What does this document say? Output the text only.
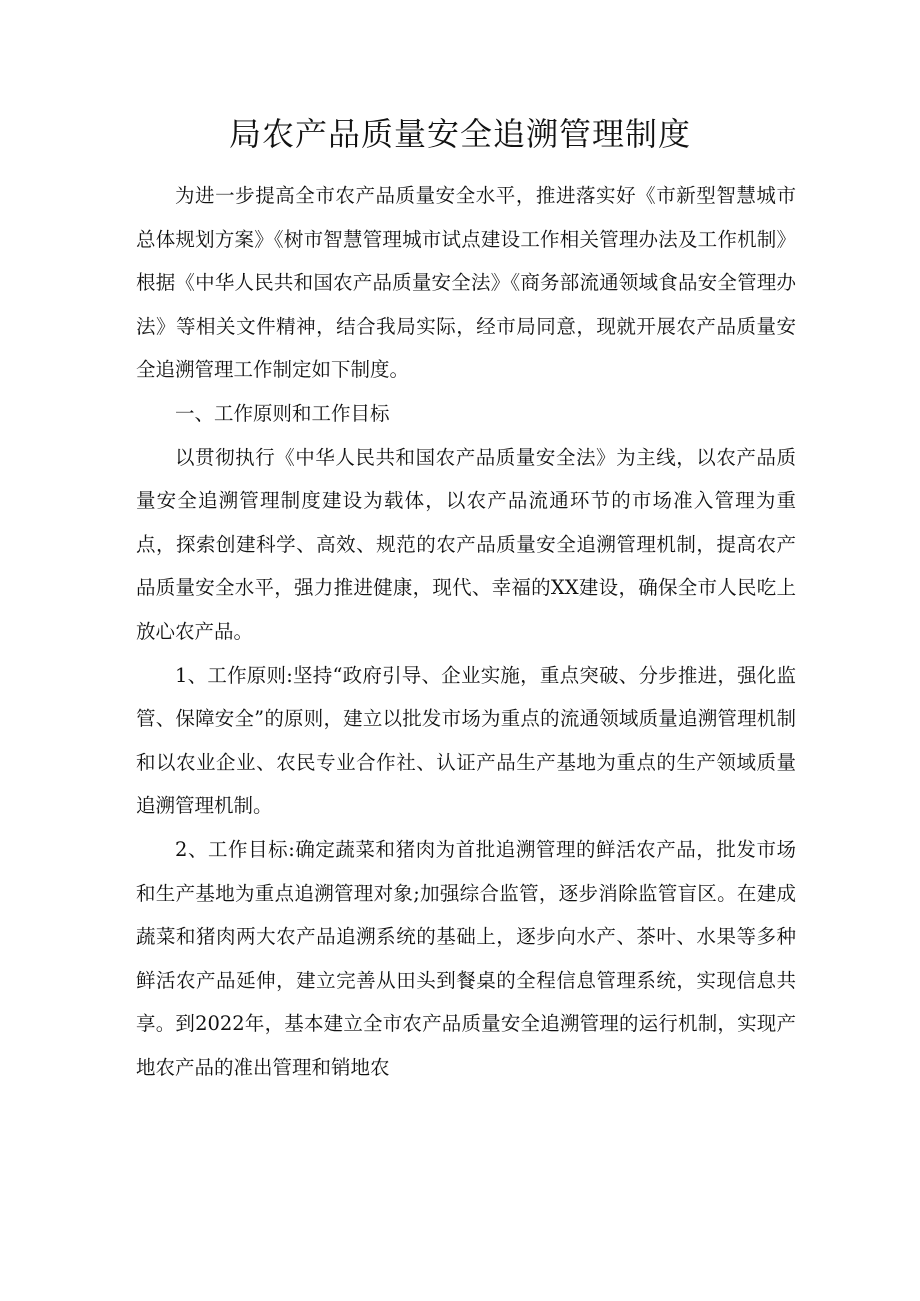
局农产品质量安全追溯管理制度

为进一步提高全市农产品质量安全水平，推进落实好《市新型智慧城市总体规划方案》《树市智慧管理城市试点建设工作相关管理办法及工作机制》根据《中华人民共和国农产品质量安全法》《商务部流通领域食品安全管理办法》等相关文件精神，结合我局实际，经市局同意，现就开展农产品质量安全追溯管理工作制定如下制度。

一、工作原则和工作目标

以贯彻执行《中华人民共和国农产品质量安全法》为主线，以农产品质量安全追溯管理制度建设为载体，以农产品流通环节的市场准入管理为重点，探索创建科学、高效、规范的农产品质量安全追溯管理机制，提高农产品质量安全水平，强力推进健康，现代、幸福的XX建设，确保全市人民吃上放心农产品。

1、工作原则:坚持“政府引导、企业实施，重点突破、分步推进，强化监管、保障安全”的原则，建立以批发市场为重点的流通领域质量追溯管理机制和以农业企业、农民专业合作社、认证产品生产基地为重点的生产领域质量追溯管理机制。

2、工作目标:确定蔬菜和猪肉为首批追溯管理的鲜活农产品，批发市场和生产基地为重点追溯管理对象;加强综合监管，逐步消除监管盲区。在建成蔬菜和猪肉两大农产品追溯系统的基础上，逐步向水产、茶叶、水果等多种鲜活农产品延伸，建立完善从田头到餐桌的全程信息管理系统，实现信息共享。到2022年，基本建立全市农产品质量安全追溯管理的运行机制，实现产地农产品的准出管理和销地农
